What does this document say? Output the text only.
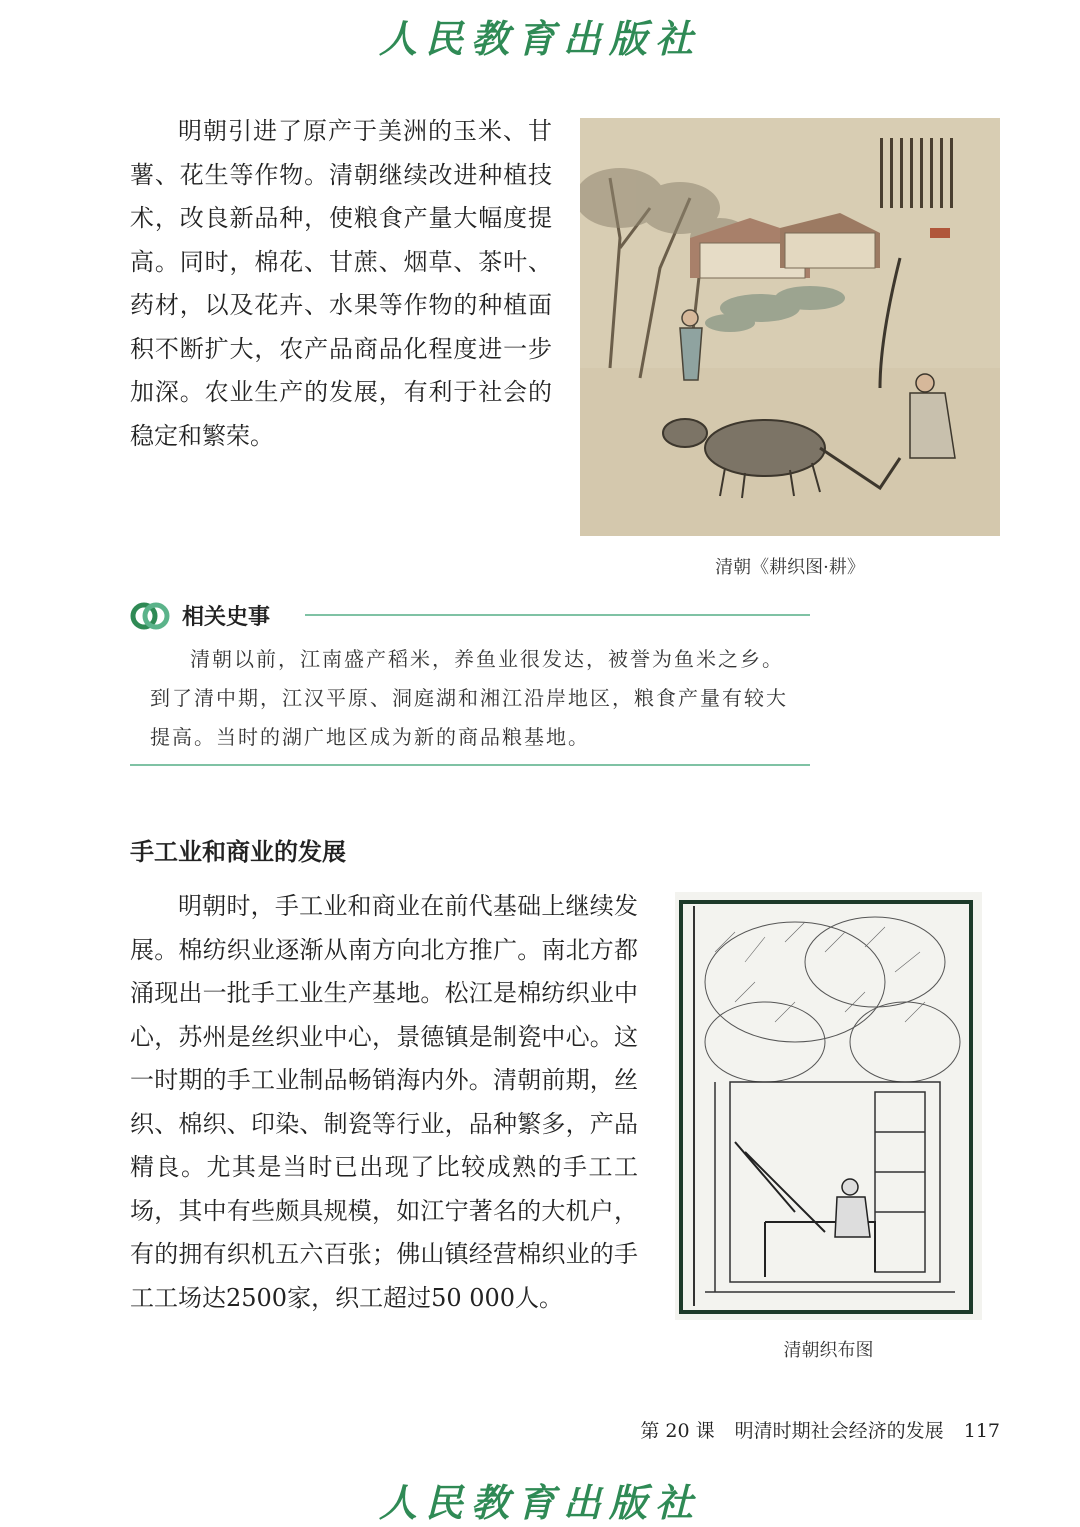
人民教育出版社

明朝引进了原产于美洲的玉米、甘薯、花生等作物。清朝继续改进种植技术，改良新品种，使粮食产量大幅度提高。同时，棉花、甘蔗、烟草、茶叶、药材，以及花卉、水果等作物的种植面积不断扩大，农产品商品化程度进一步加深。农业生产的发展，有利于社会的稳定和繁荣。

清朝《耕织图·耕》

相关史事

清朝以前，江南盛产稻米，养鱼业很发达，被誉为鱼米之乡。到了清中期，江汉平原、洞庭湖和湘江沿岸地区，粮食产量有较大提高。当时的湖广地区成为新的商品粮基地。

手工业和商业的发展

明朝时，手工业和商业在前代基础上继续发展。棉纺织业逐渐从南方向北方推广。南北方都涌现出一批手工业生产基地。松江是棉纺织业中心，苏州是丝织业中心，景德镇是制瓷中心。这一时期的手工业制品畅销海内外。清朝前期，丝织、棉织、印染、制瓷等行业，品种繁多，产品精良。尤其是当时已出现了比较成熟的手工工场，其中有些颇具规模，如江宁著名的大机户，有的拥有织机五六百张；佛山镇经营棉织业的手工工场达2500家，织工超过50 000人。

清朝织布图

第 20 课 明清时期社会经济的发展 117

人民教育出版社
